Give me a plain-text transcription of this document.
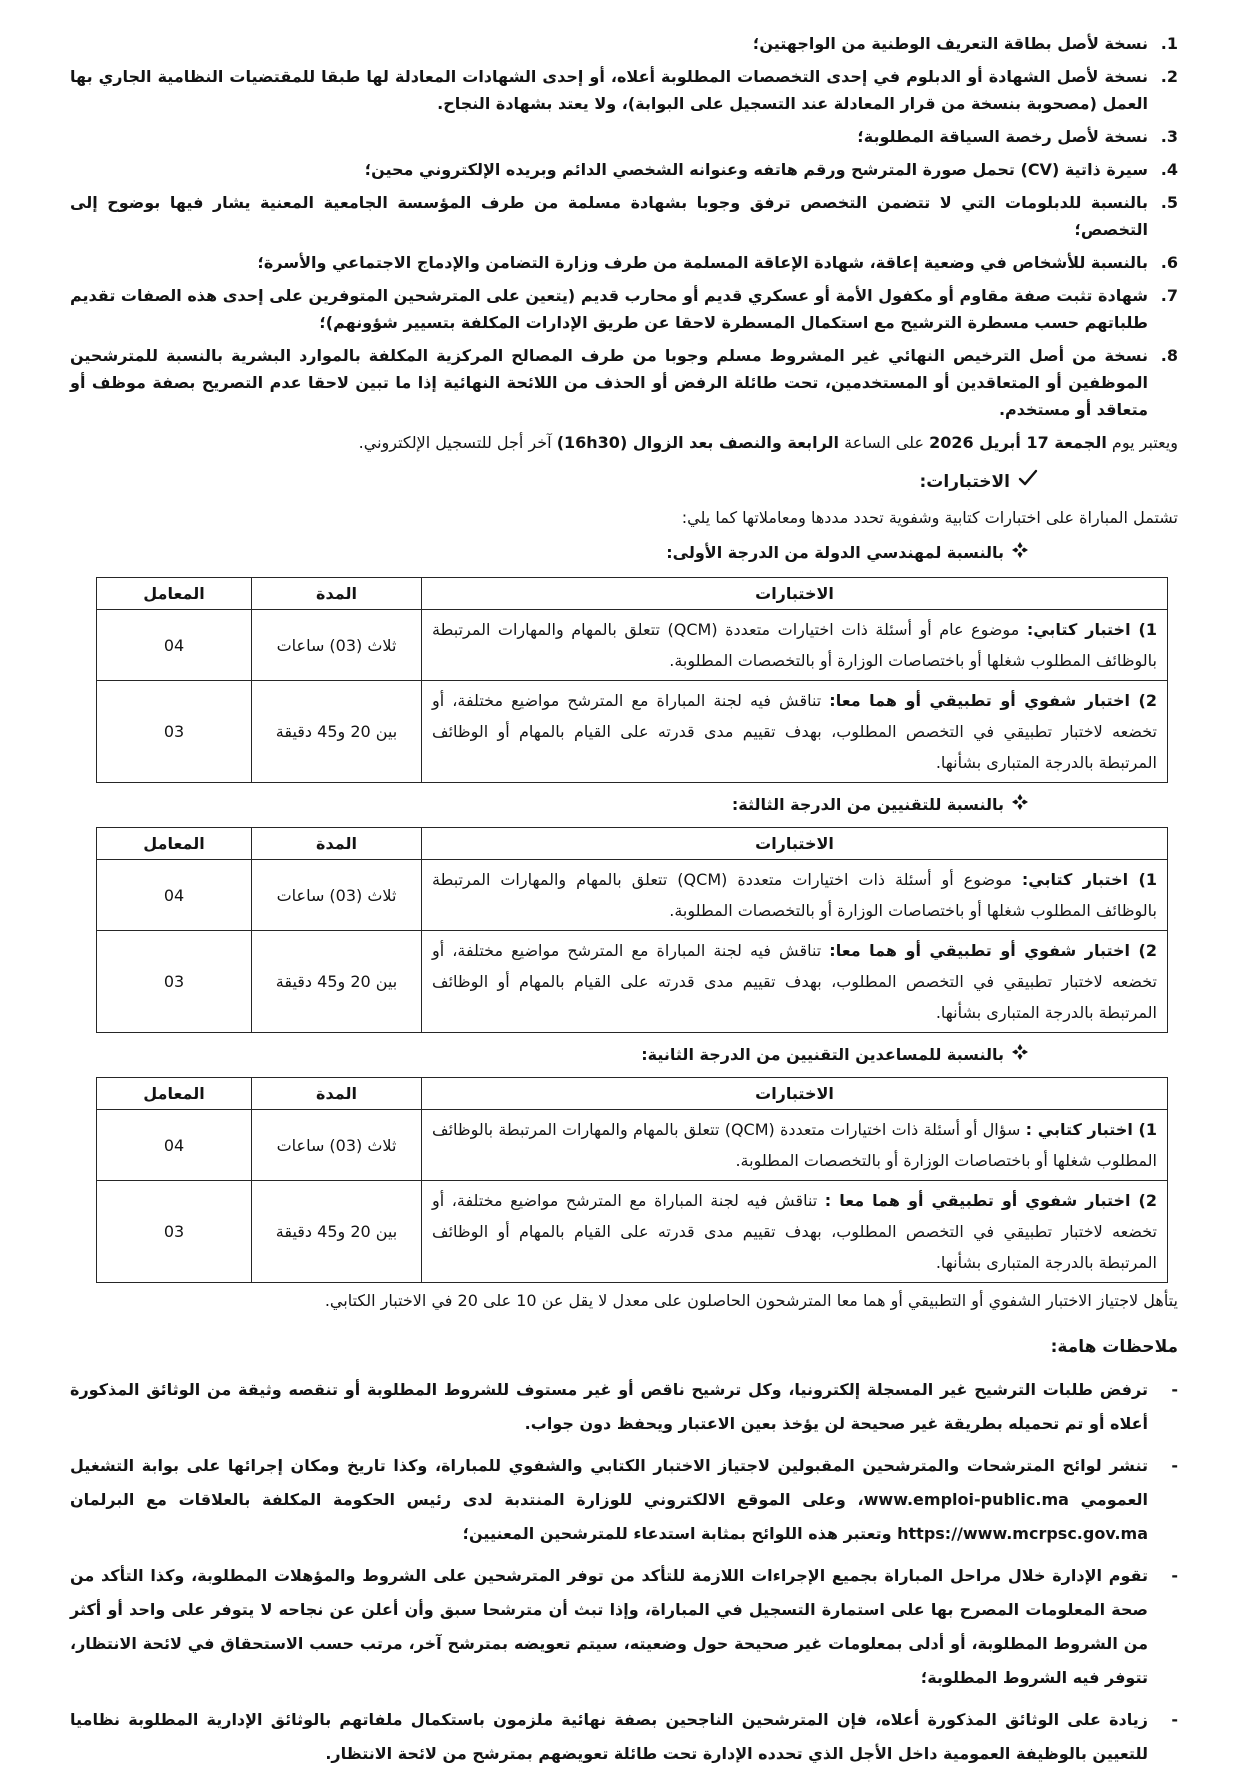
1.
نسخة لأصل بطاقة التعريف الوطنية من الواجهتين؛
2.
نسخة لأصل الشهادة أو الدبلوم في إحدى التخصصات المطلوبة أعلاه، أو إحدى الشهادات المعادلة لها طبقا للمقتضيات النظامية الجاري بها العمل (مصحوبة بنسخة من قرار المعادلة عند التسجيل على البوابة)، ولا يعتد بشهادة النجاح.
3.
نسخة لأصل رخصة السياقة المطلوبة؛
4.
سيرة ذاتية (CV) تحمل صورة المترشح ورقم هاتفه وعنوانه الشخصي الدائم وبريده الإلكتروني محين؛
5.
بالنسبة للدبلومات التي لا تتضمن التخصص ترفق وجوبا بشهادة مسلمة من طرف المؤسسة الجامعية المعنية يشار فيها بوضوح إلى التخصص؛
6.
بالنسبة للأشخاص في وضعية إعاقة، شهادة الإعاقة المسلمة من طرف وزارة التضامن والإدماج الاجتماعي والأسرة؛
7.
شهادة تثبت صفة مقاوم أو مكفول الأمة أو عسكري قديم أو محارب قديم (يتعين على المترشحين المتوفرين على إحدى هذه الصفات تقديم طلباتهم حسب مسطرة الترشيح مع استكمال المسطرة لاحقا عن طريق الإدارات المكلفة بتسيير شؤونهم)؛
8.
نسخة من أصل الترخيص النهائي غير المشروط مسلم وجوبا من طرف المصالح المركزية المكلفة بالموارد البشرية بالنسبة للمترشحين الموظفين أو المتعاقدين أو المستخدمين، تحت طائلة الرفض أو الحذف من اللائحة النهائية إذا ما تبين لاحقا عدم التصريح بصفة موظف أو متعاقد أو مستخدم.
ويعتبر يوم الجمعة 17 أبريل 2026 على الساعة الرابعة والنصف بعد الزوال (16h30) آخر أجل للتسجيل الإلكتروني.
الاختبارات:
تشتمل المباراة على اختبارات كتابية وشفوية تحدد مددها ومعاملاتها كما يلي:
بالنسبة لمهندسي الدولة من الدرجة الأولى:
الاختبارات	المدة	المعامل
1) اختبار كتابي: موضوع عام أو أسئلة ذات اختيارات متعددة (QCM) تتعلق بالمهام والمهارات المرتبطة بالوظائف المطلوب شغلها أو باختصاصات الوزارة أو بالتخصصات المطلوبة.	ثلاث (03) ساعات	04
2) اختبار شفوي أو تطبيقي أو هما معا: تناقش فيه لجنة المباراة مع المترشح مواضيع مختلفة، أو تخضعه لاختبار تطبيقي في التخصص المطلوب، بهدف تقييم مدى قدرته على القيام بالمهام أو الوظائف المرتبطة بالدرجة المتبارى بشأنها.	بين 20 و45 دقيقة	03
بالنسبة للتقنيين من الدرجة الثالثة:
الاختبارات	المدة	المعامل
1) اختبار كتابي: موضوع أو أسئلة ذات اختيارات متعددة (QCM) تتعلق بالمهام والمهارات المرتبطة بالوظائف المطلوب شغلها أو باختصاصات الوزارة أو بالتخصصات المطلوبة.	ثلاث (03) ساعات	04
2) اختبار شفوي أو تطبيقي أو هما معا: تناقش فيه لجنة المباراة مع المترشح مواضيع مختلفة، أو تخضعه لاختبار تطبيقي في التخصص المطلوب، بهدف تقييم مدى قدرته على القيام بالمهام أو الوظائف المرتبطة بالدرجة المتبارى بشأنها.	بين 20 و45 دقيقة	03
بالنسبة للمساعدين التقنيين من الدرجة الثانية:
الاختبارات	المدة	المعامل
1) اختبار كتابي : سؤال أو أسئلة ذات اختيارات متعددة (QCM) تتعلق بالمهام والمهارات المرتبطة بالوظائف المطلوب شغلها أو باختصاصات الوزارة أو بالتخصصات المطلوبة.	ثلاث (03) ساعات	04
2) اختبار شفوي أو تطبيقي أو هما معا : تناقش فيه لجنة المباراة مع المترشح مواضيع مختلفة، أو تخضعه لاختبار تطبيقي في التخصص المطلوب، بهدف تقييم مدى قدرته على القيام بالمهام أو الوظائف المرتبطة بالدرجة المتبارى بشأنها.	بين 20 و45 دقيقة	03
يتأهل لاجتياز الاختبار الشفوي أو التطبيقي أو هما معا المترشحون الحاصلون على معدل لا يقل عن 10 على 20 في الاختبار الكتابي.
ملاحظات هامة:
-
ترفض طلبات الترشيح غير المسجلة إلكترونيا، وكل ترشيح ناقص أو غير مستوف للشروط المطلوبة أو تنقصه وثيقة من الوثائق المذكورة أعلاه أو تم تحميله بطريقة غير صحيحة لن يؤخذ بعين الاعتبار ويحفظ دون جواب.
-
تنشر لوائح المترشحات والمترشحين المقبولين لاجتياز الاختبار الكتابي والشفوي للمباراة، وكذا تاريخ ومكان إجرائها على بوابة التشغيل العمومي www.emploi-public.ma، وعلى الموقع الالكتروني للوزارة المنتدبة لدى رئيس الحكومة المكلفة بالعلاقات مع البرلمان https://www.mcrpsc.gov.ma وتعتبر هذه اللوائح بمثابة استدعاء للمترشحين المعنيين؛
-
تقوم الإدارة خلال مراحل المباراة بجميع الإجراءات اللازمة للتأكد من توفر المترشحين على الشروط والمؤهلات المطلوبة، وكذا التأكد من صحة المعلومات المصرح بها على استمارة التسجيل في المباراة، وإذا تبث أن مترشحا سبق وأن أعلن عن نجاحه لا يتوفر على واحد أو أكثر من الشروط المطلوبة، أو أدلى بمعلومات غير صحيحة حول وضعيته، سيتم تعويضه بمترشح آخر، مرتب حسب الاستحقاق في لائحة الانتظار، تتوفر فيه الشروط المطلوبة؛
-
زيادة على الوثائق المذكورة أعلاه، فإن المترشحين الناجحين بصفة نهائية ملزمون باستكمال ملفاتهم بالوثائق الإدارية المطلوبة نظاميا للتعيين بالوظيفة العمومية داخل الأجل الذي تحدده الإدارة تحت طائلة تعويضهم بمترشح من لائحة الانتظار.
